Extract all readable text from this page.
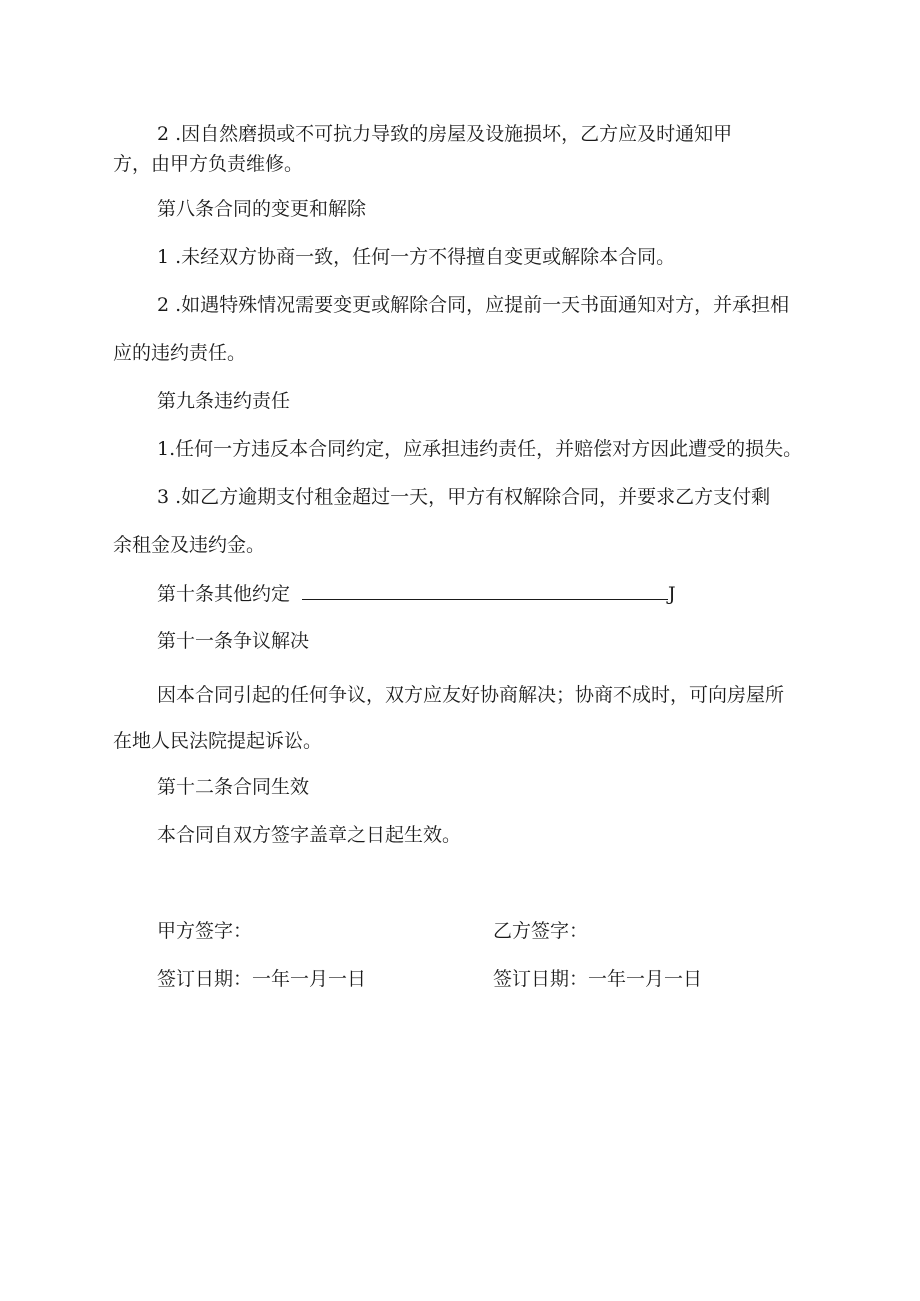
2 .因自然磨损或不可抗力导致的房屋及设施损坏，乙方应及时通知甲
方，由甲方负责维修。
第八条合同的变更和解除
1 .未经双方协商一致，任何一方不得擅自变更或解除本合同。
2 .如遇特殊情况需要变更或解除合同，应提前一天书面通知对方，并承担相
应的违约责任。
第九条违约责任
1.任何一方违反本合同约定，应承担违约责任，并赔偿对方因此遭受的损失。
3 .如乙方逾期支付租金超过一天，甲方有权解除合同，并要求乙方支付剩
余租金及违约金。
第十条其他约定	J
第十一条争议解决
因本合同引起的任何争议，双方应友好协商解决；协商不成时，可向房屋所
在地人民法院提起诉讼。
第十二条合同生效
本合同自双方签字盖章之日起生效。
甲方签字：	乙方签字：
签订日期：一年一月一日	签订日期：一年一月一日
